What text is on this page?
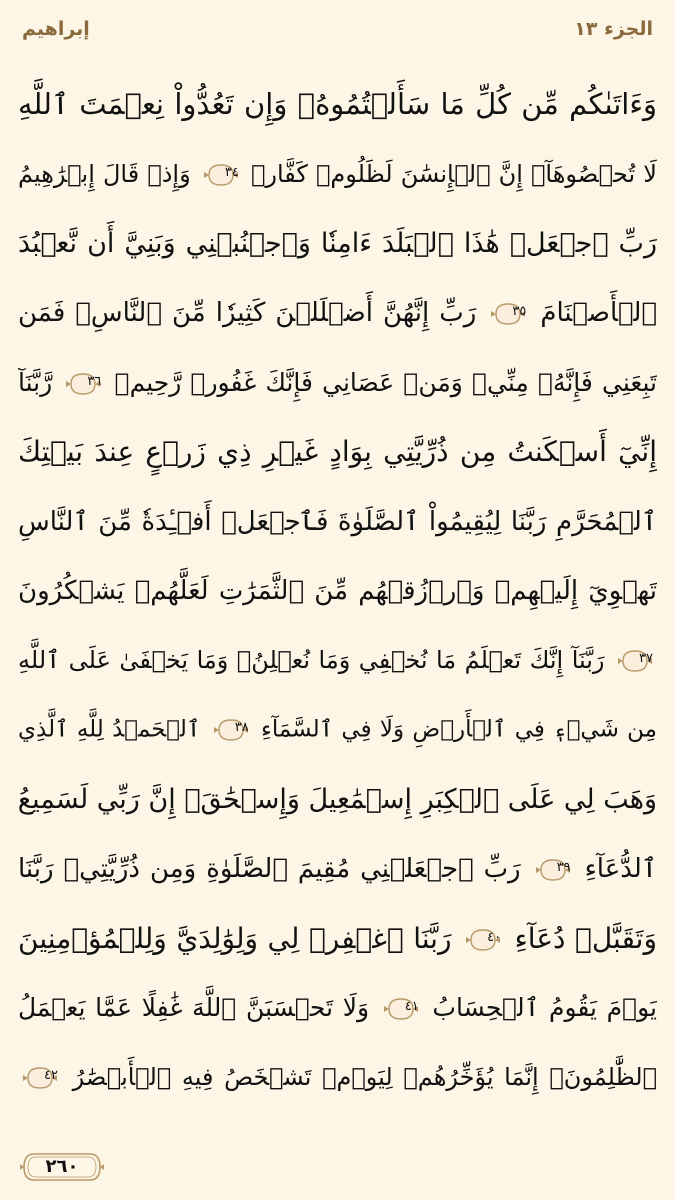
الجزء ١٣
إبراهيم
وَءَاتَىٰكُم مِّن كُلِّ مَا سَأَلۡتُمُوهُۚ وَإِن تَعُدُّواْ نِعۡمَتَ ٱللَّهِ
لَا تُحۡصُوهَآۗ إِنَّ ٱلۡإِنسَٰنَ لَظَلُومٞ كَفَّارٞ
٣٤
وَإِذۡ قَالَ إِبۡرَٰهِيمُ
رَبِّ ٱجۡعَلۡ هَٰذَا ٱلۡبَلَدَ ءَامِنٗا وَٱجۡنُبۡنِي وَبَنِيَّ أَن نَّعۡبُدَ
ٱلۡأَصۡنَامَ
٣٥
رَبِّ إِنَّهُنَّ أَضۡلَلۡنَ كَثِيرٗا مِّنَ ٱلنَّاسِۖ فَمَن
تَبِعَنِي فَإِنَّهُۥ مِنِّيۖ وَمَنۡ عَصَانِي فَإِنَّكَ غَفُورٞ رَّحِيمٞ
٣٦
رَّبَّنَآ
إِنِّيٓ أَسۡكَنتُ مِن ذُرِّيَّتِي بِوَادٍ غَيۡرِ ذِي زَرۡعٍ عِندَ بَيۡتِكَ
ٱلۡمُحَرَّمِ رَبَّنَا لِيُقِيمُواْ ٱلصَّلَوٰةَ فَٱجۡعَلۡ أَفۡـِٔدَةٗ مِّنَ ٱلنَّاسِ
تَهۡوِيٓ إِلَيۡهِمۡ وَٱرۡزُقۡهُم مِّنَ ٱلثَّمَرَٰتِ لَعَلَّهُمۡ يَشۡكُرُونَ
٣٧
رَبَّنَآ إِنَّكَ تَعۡلَمُ مَا نُخۡفِي وَمَا نُعۡلِنُۗ وَمَا يَخۡفَىٰ عَلَى ٱللَّهِ
مِن شَيۡءٖ فِي ٱلۡأَرۡضِ وَلَا فِي ٱلسَّمَآءِ
٣٨
ٱلۡحَمۡدُ لِلَّهِ ٱلَّذِي
وَهَبَ لِي عَلَى ٱلۡكِبَرِ إِسۡمَٰعِيلَ وَإِسۡحَٰقَۚ إِنَّ رَبِّي لَسَمِيعُ
ٱلدُّعَآءِ
٣٩
رَبِّ ٱجۡعَلۡنِي مُقِيمَ ٱلصَّلَوٰةِ وَمِن ذُرِّيَّتِيۚ رَبَّنَا
وَتَقَبَّلۡ دُعَآءِ
٤٠
رَبَّنَا ٱغۡفِرۡ لِي وَلِوَٰلِدَيَّ وَلِلۡمُؤۡمِنِينَ
يَوۡمَ يَقُومُ ٱلۡحِسَابُ
٤١
وَلَا تَحۡسَبَنَّ ٱللَّهَ غَٰفِلًا عَمَّا يَعۡمَلُ
ٱلظَّٰلِمُونَۚ إِنَّمَا يُؤَخِّرُهُمۡ لِيَوۡمٖ تَشۡخَصُ فِيهِ ٱلۡأَبۡصَٰرُ
٤٢
٢٦٠
